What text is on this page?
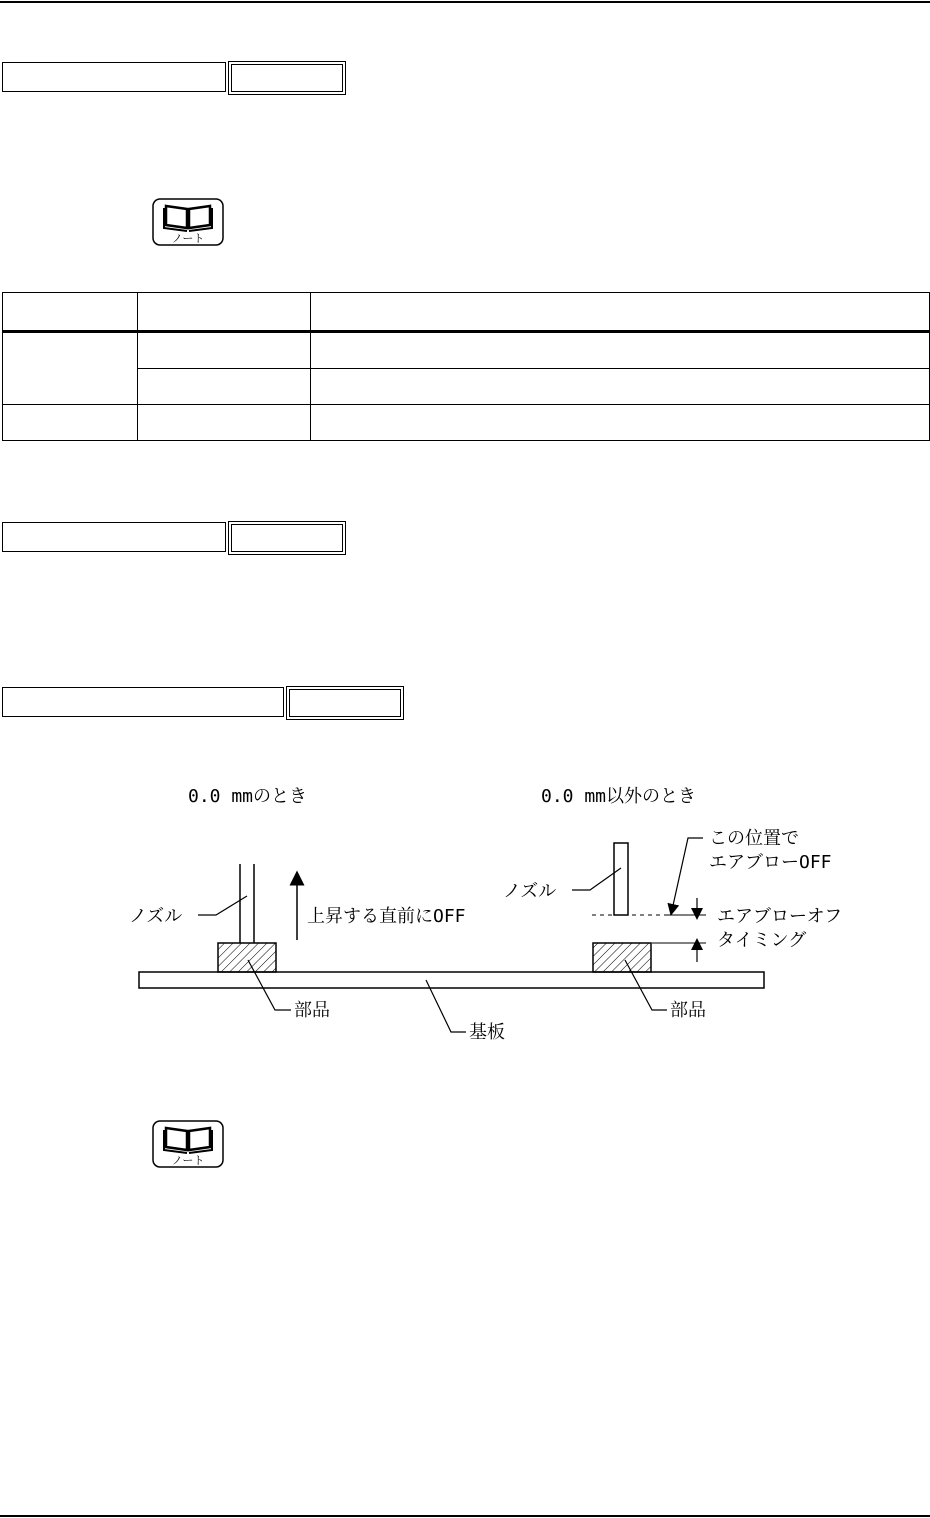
ノート

0.0 mmのとき	0.0 mm以外のとき
上昇する直前にOFF
ノズル
ノズル
この位置で
エアブローOFF
エアブローオフ
タイミング
部品	部品
基板
ノート
